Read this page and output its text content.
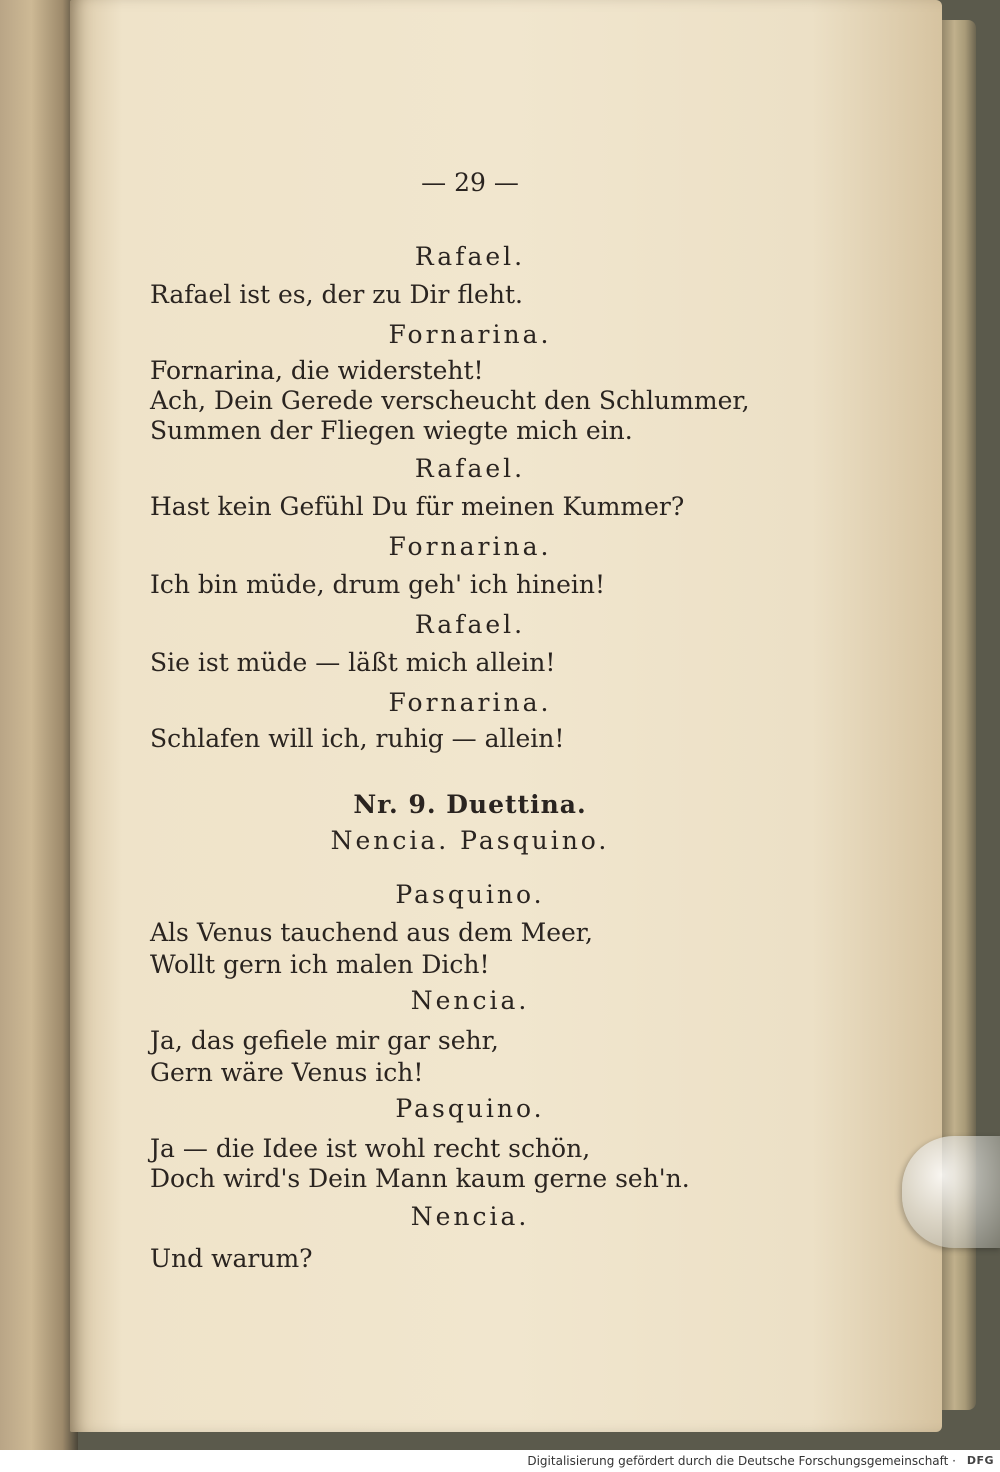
— 29 —
Rafael.
Rafael ist es, der zu Dir fleht.
Fornarina.
Fornarina, die widersteht!
Ach, Dein Gerede verscheucht den Schlummer,
Summen der Fliegen wiegte mich ein.
Rafael.
Hast kein Gefühl Du für meinen Kummer?
Fornarina.
Ich bin müde, drum geh' ich hinein!
Rafael.
Sie ist müde — läßt mich allein!
Fornarina.
Schlafen will ich, ruhig — allein!
Nr. 9. Duettina.
Nencia. Pasquino.
Pasquino.
Als Venus tauchend aus dem Meer,
Wollt gern ich malen Dich!
Nencia.
Ja, das gefiele mir gar sehr,
Gern wäre Venus ich!
Pasquino.
Ja — die Idee ist wohl recht schön,
Doch wird's Dein Mann kaum gerne seh'n.
Nencia.
Und warum?
Digitalisierung gefördert durch die Deutsche Forschungsgemeinschaft · DFG
